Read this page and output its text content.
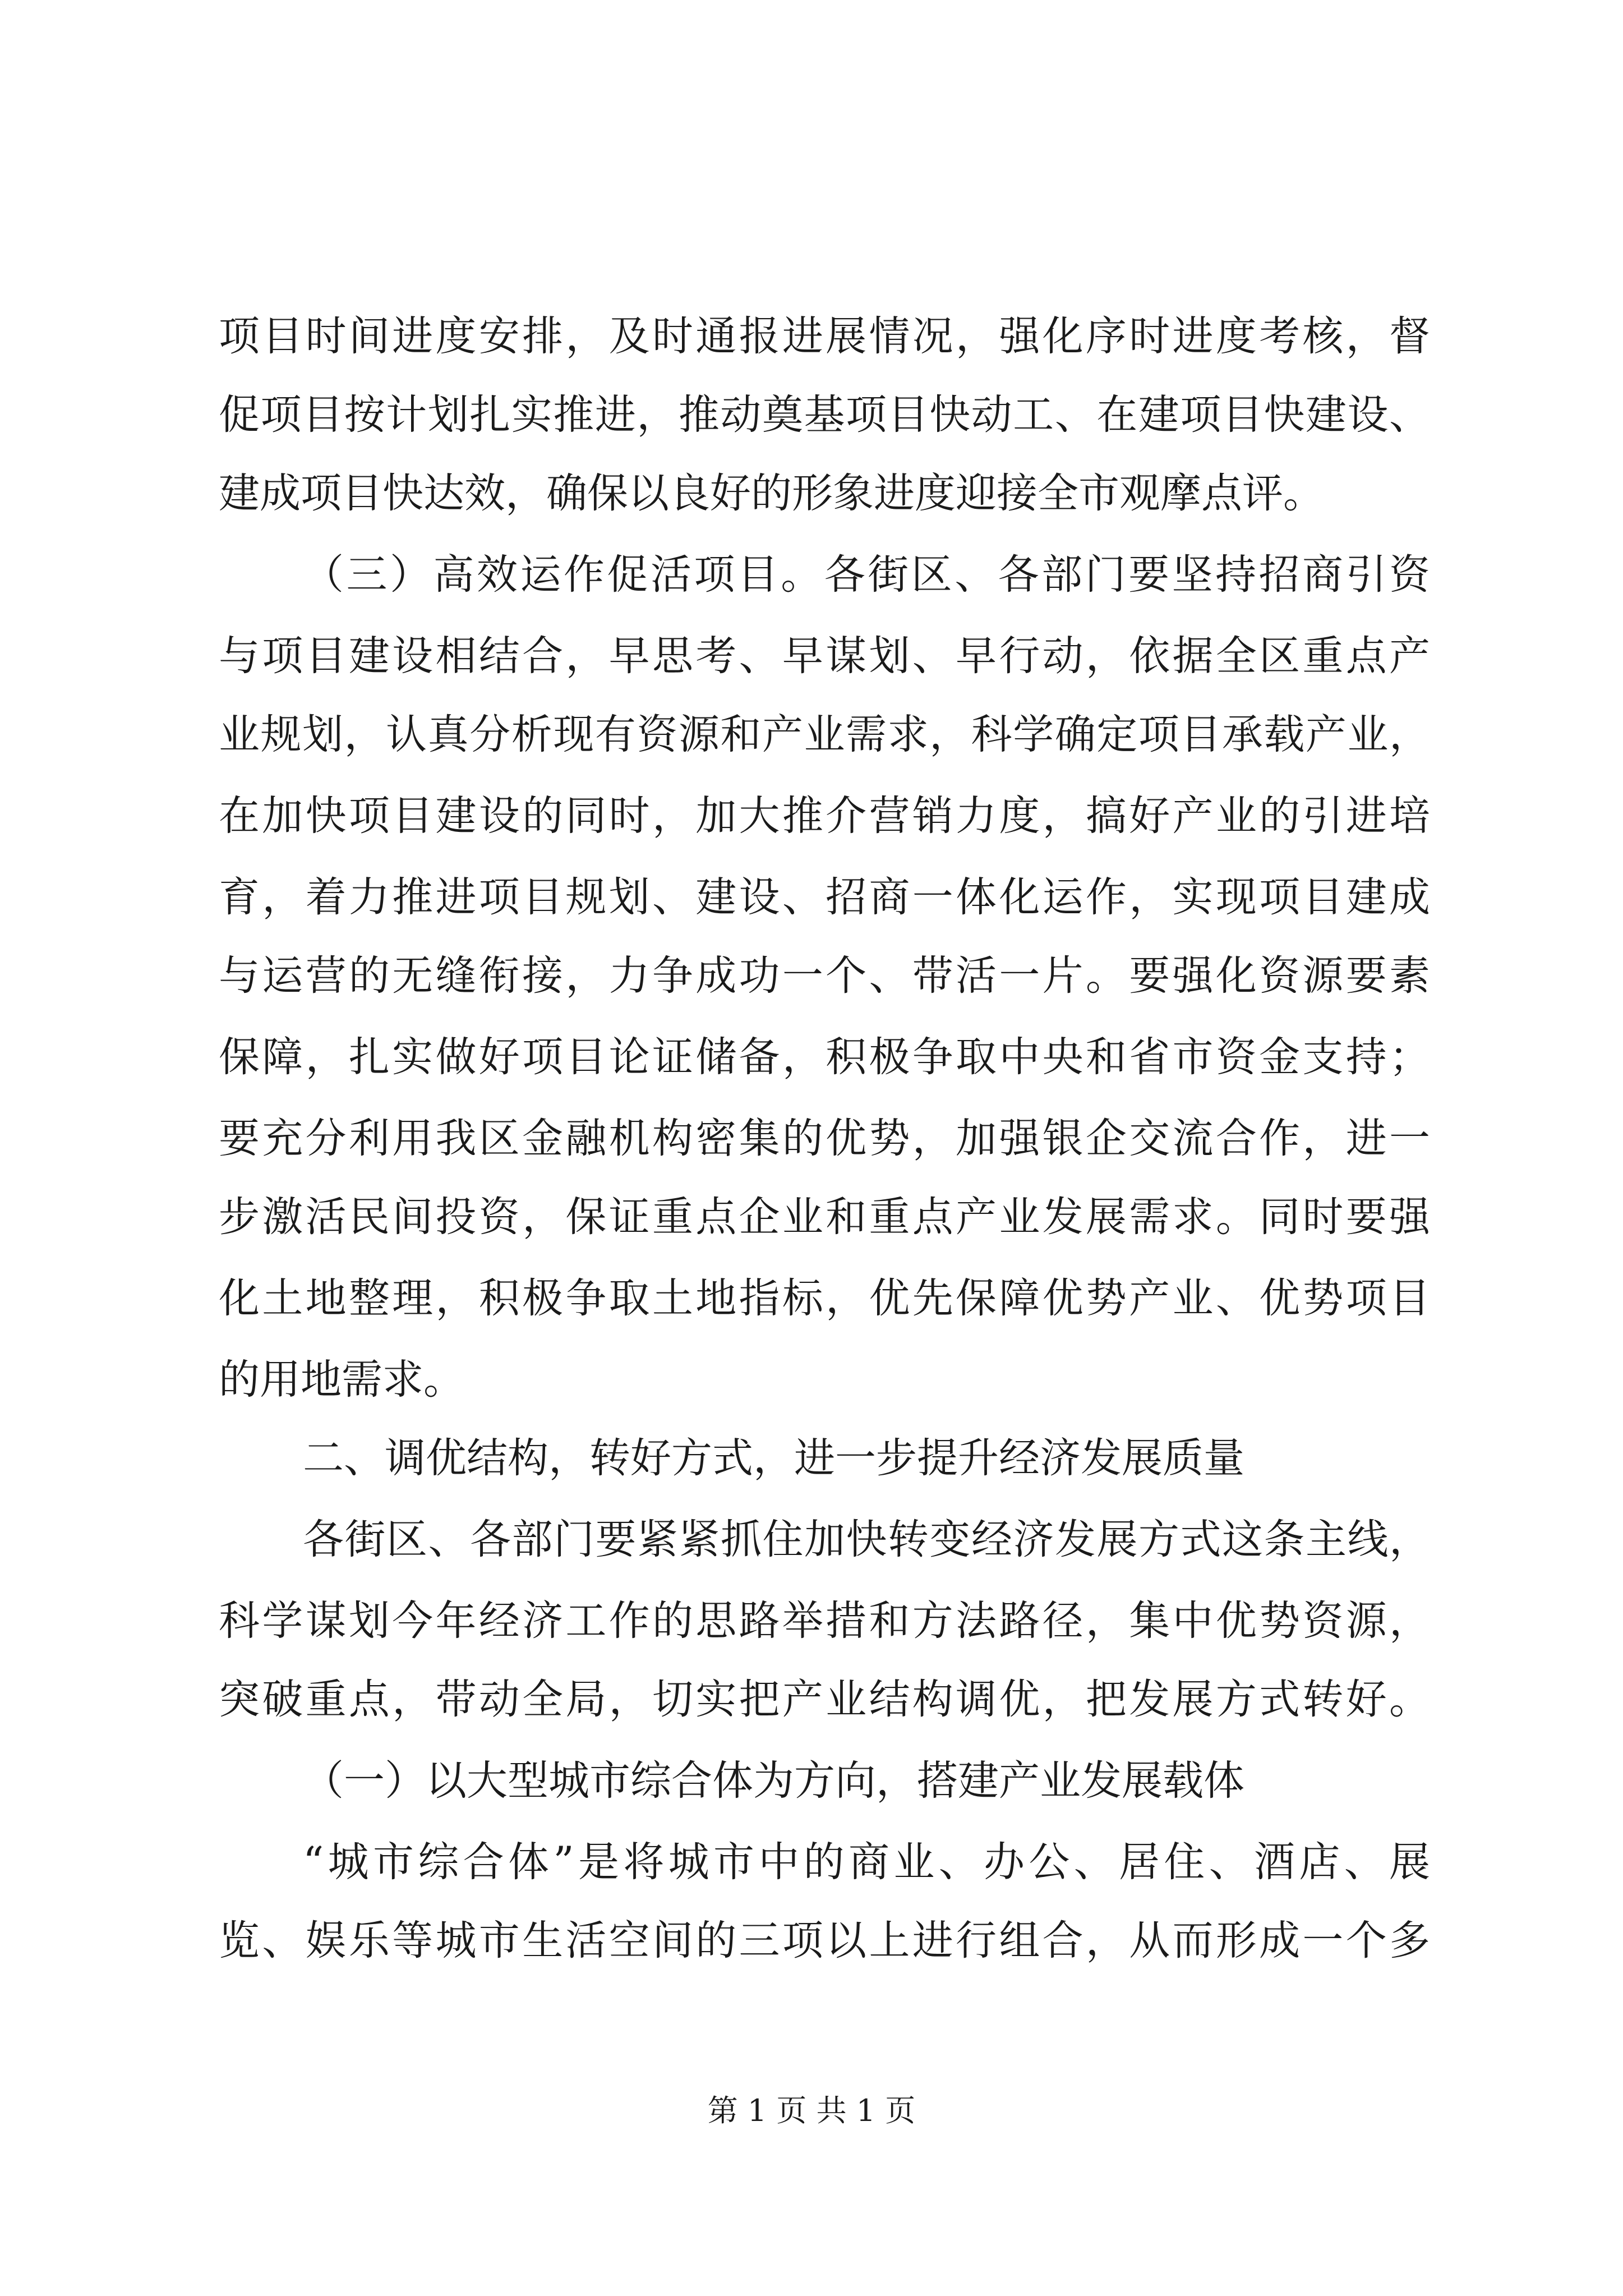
项目时间进度安排，及时通报进展情况，强化序时进度考核，督
促项目按计划扎实推进，推动奠基项目快动工、在建项目快建设、
建成项目快达效，确保以良好的形象进度迎接全市观摩点评。
（三）高效运作促活项目。各街区、各部门要坚持招商引资
与项目建设相结合，早思考、早谋划、早行动，依据全区重点产
业规划，认真分析现有资源和产业需求，科学确定项目承载产业，
在加快项目建设的同时，加大推介营销力度，搞好产业的引进培
育，着力推进项目规划、建设、招商一体化运作，实现项目建成
与运营的无缝衔接，力争成功一个、带活一片。要强化资源要素
保障，扎实做好项目论证储备，积极争取中央和省市资金支持；
要充分利用我区金融机构密集的优势，加强银企交流合作，进一
步激活民间投资，保证重点企业和重点产业发展需求。同时要强
化土地整理，积极争取土地指标，优先保障优势产业、优势项目
的用地需求。
二、调优结构，转好方式，进一步提升经济发展质量
各街区、各部门要紧紧抓住加快转变经济发展方式这条主线，
科学谋划今年经济工作的思路举措和方法路径，集中优势资源，
突破重点，带动全局，切实把产业结构调优，把发展方式转好。
（一）以大型城市综合体为方向，搭建产业发展载体
“城市综合体”是将城市中的商业、办公、居住、酒店、展
览、娱乐等城市生活空间的三项以上进行组合，从而形成一个多
第 1 页 共 1 页
